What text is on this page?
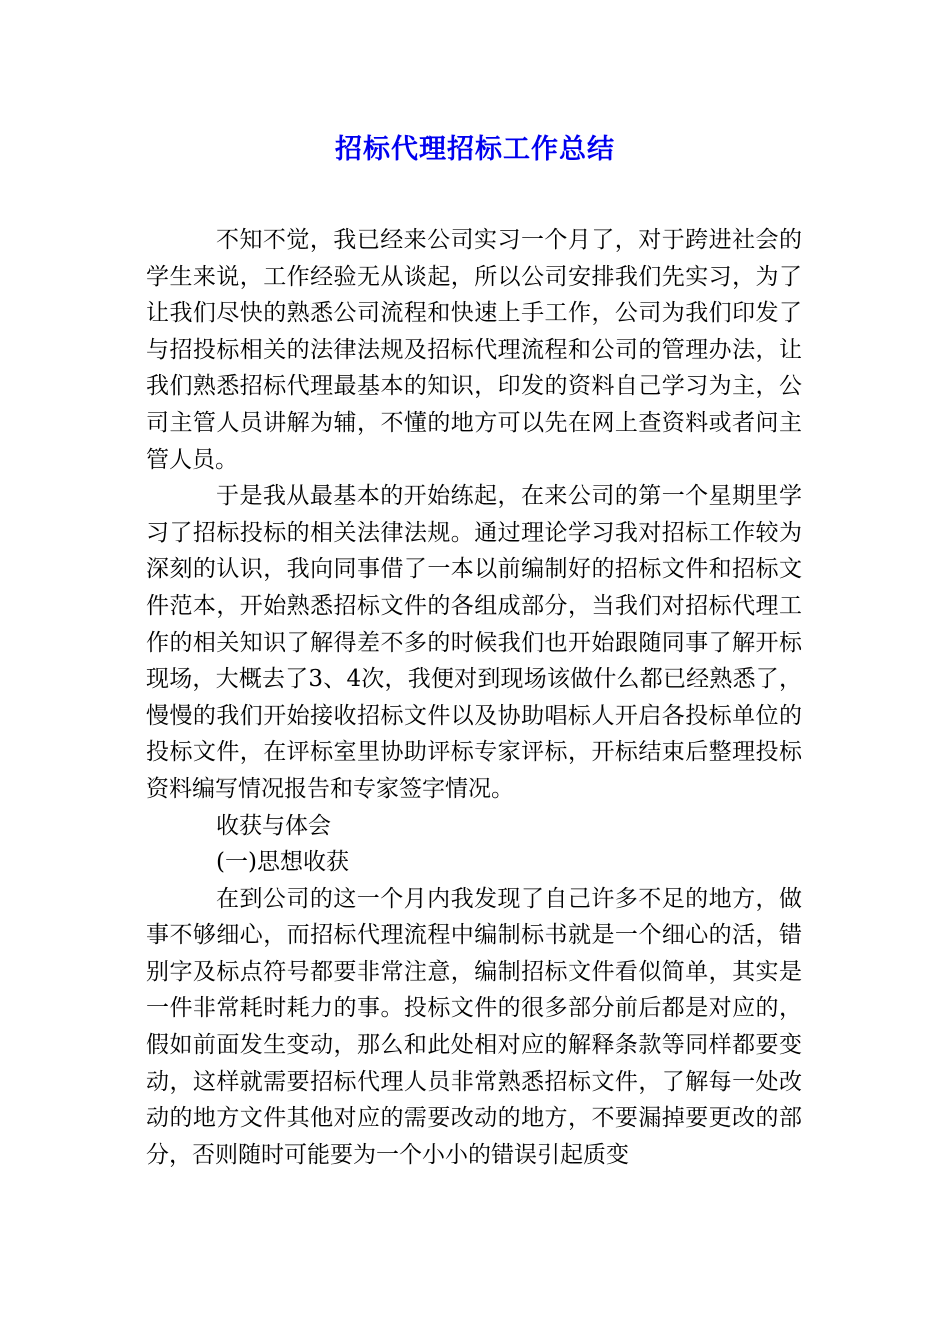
招标代理招标工作总结

不知不觉，我已经来公司实习一个月了，对于跨进社会的学生来说，工作经验无从谈起，所以公司安排我们先实习，为了让我们尽快的熟悉公司流程和快速上手工作，公司为我们印发了与招投标相关的法律法规及招标代理流程和公司的管理办法，让我们熟悉招标代理最基本的知识，印发的资料自己学习为主，公司主管人员讲解为辅，不懂的地方可以先在网上查资料或者问主管人员。

于是我从最基本的开始练起，在来公司的第一个星期里学习了招标投标的相关法律法规。通过理论学习我对招标工作较为深刻的认识，我向同事借了一本以前编制好的招标文件和招标文件范本，开始熟悉招标文件的各组成部分，当我们对招标代理工作的相关知识了解得差不多的时候我们也开始跟随同事了解开标现场，大概去了3、4次，我便对到现场该做什么都已经熟悉了，慢慢的我们开始接收招标文件以及协助唱标人开启各投标单位的投标文件，在评标室里协助评标专家评标，开标结束后整理投标资料编写情况报告和专家签字情况。

收获与体会

(一)思想收获

在到公司的这一个月内我发现了自己许多不足的地方，做事不够细心，而招标代理流程中编制标书就是一个细心的活，错别字及标点符号都要非常注意，编制招标文件看似简单，其实是一件非常耗时耗力的事。投标文件的很多部分前后都是对应的，假如前面发生变动，那么和此处相对应的解释条款等同样都要变动，这样就需要招标代理人员非常熟悉招标文件，了解每一处改动的地方文件其他对应的需要改动的地方，不要漏掉要更改的部分，否则随时可能要为一个小小的错误引起质变
